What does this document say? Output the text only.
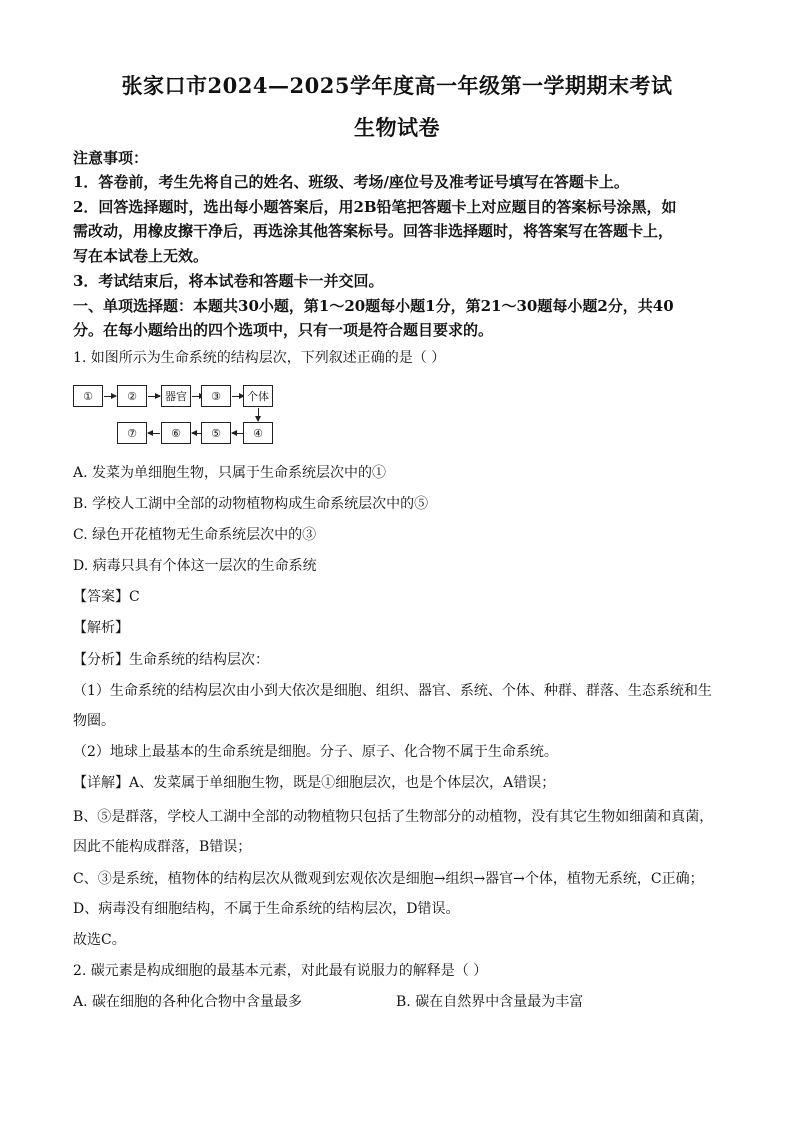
张家口市2024—2025学年度高一年级第一学期期末考试
生物试卷
注意事项：
1．答卷前，考生先将自己的姓名、班级、考场/座位号及准考证号填写在答题卡上。
2．回答选择题时，选出每小题答案后，用2B铅笔把答题卡上对应题目的答案标号涂黑，如
需改动，用橡皮擦干净后，再选涂其他答案标号。回答非选择题时，将答案写在答题卡上，
写在本试卷上无效。
3．考试结束后，将本试卷和答题卡一并交回。
一、单项选择题：本题共30小题，第1～20题每小题1分，第21～30题每小题2分，共40
分。在每小题给出的四个选项中，只有一项是符合题目要求的。
1. 如图所示为生命系统的结构层次，下列叙述正确的是（ ）
①	②	器官	③	个体
⑦	⑥	⑤	④
A. 发菜为单细胞生物，只属于生命系统层次中的①
B. 学校人工湖中全部的动物植物构成生命系统层次中的⑤
C. 绿色开花植物无生命系统层次中的③
D. 病毒只具有个体这一层次的生命系统
【答案】C
【解析】
【分析】生命系统的结构层次：
（1）生命系统的结构层次由小到大依次是细胞、组织、器官、系统、个体、种群、群落、生态系统和生
物圈。
（2）地球上最基本的生命系统是细胞。分子、原子、化合物不属于生命系统。
【详解】A、发菜属于单细胞生物，既是①细胞层次，也是个体层次，A错误；
B、⑤是群落，学校人工湖中全部的动物植物只包括了生物部分的动植物，没有其它生物如细菌和真菌，
因此不能构成群落，B错误；
C、③是系统，植物体的结构层次从微观到宏观依次是细胞→组织→器官→个体，植物无系统，C正确；
D、病毒没有细胞结构，不属于生命系统的结构层次，D错误。
故选C。
2. 碳元素是构成细胞的最基本元素，对此最有说服力的解释是（ ）
A. 碳在细胞的各种化合物中含量最多	B. 碳在自然界中含量最为丰富
